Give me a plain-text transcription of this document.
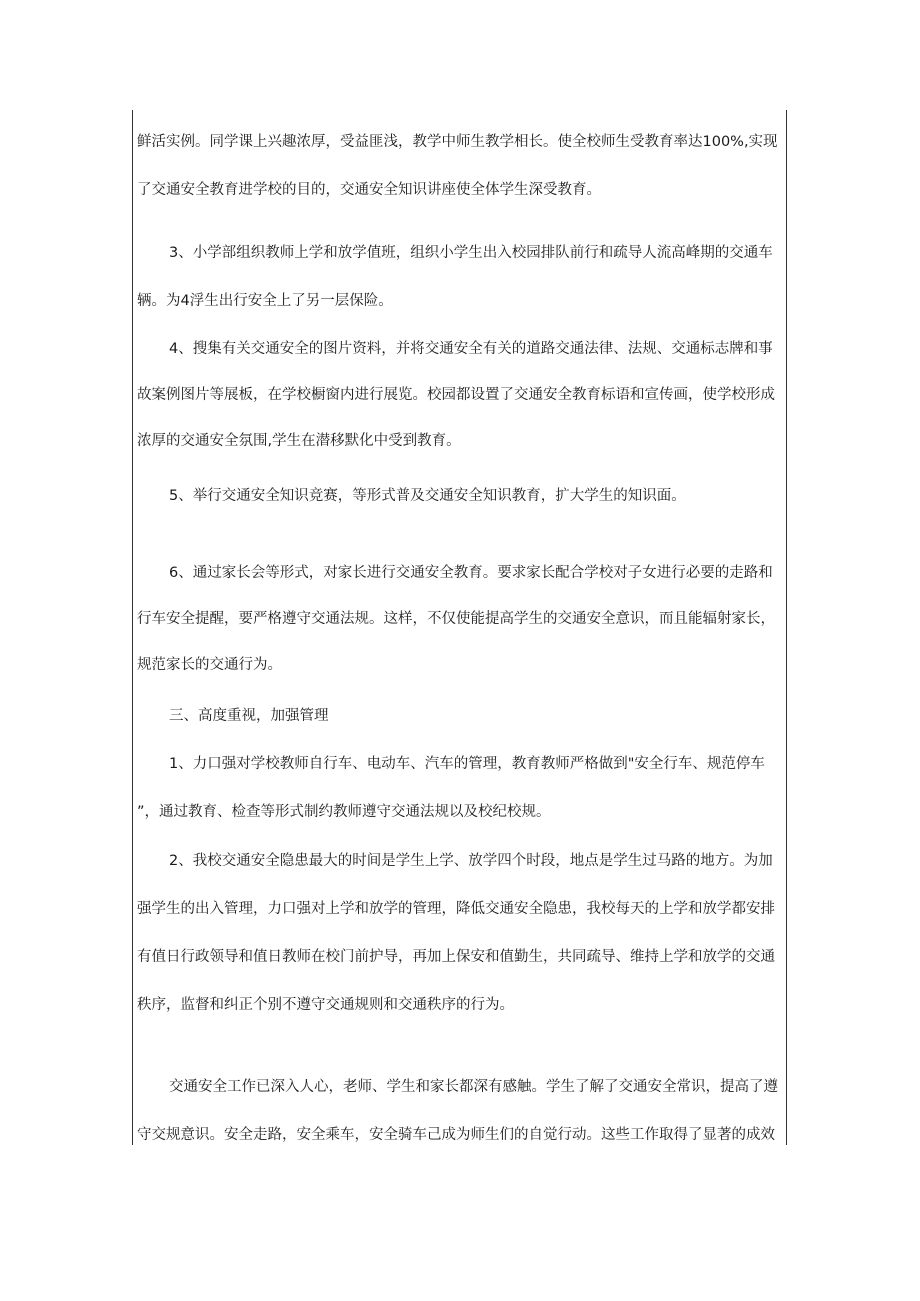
鲜活实例。同学课上兴趣浓厚，受益匪浅，教学中师生教学相长。使全校师生受教育率达100%,实现
了交通安全教育进学校的目的，交通安全知识讲座使全体学生深受教育。
3、小学部组织教师上学和放学值班，组织小学生出入校园排队前行和疏导人流高峰期的交通车
辆。为4浮生出行安全上了另一层保险。
4、搜集有关交通安全的图片资料，并将交通安全有关的道路交通法律、法规、交通标志牌和事
故案例图片等展板，在学校橱窗内进行展览。校园都设置了交通安全教育标语和宣传画，使学校形成
浓厚的交通安全氛围,学生在潜移默化中受到教育。
5、举行交通安全知识竞赛，等形式普及交通安全知识教育，扩大学生的知识面。
6、通过家长会等形式，对家长进行交通安全教育。要求家长配合学校对子女进行必要的走路和
行车安全提醒，要严格遵守交通法规。这样，不仅使能提高学生的交通安全意识，而且能辐射家长，
规范家长的交通行为。
三、高度重视，加强管理
1、力口强对学校教师自行车、电动车、汽车的管理，教育教师严格做到"安全行车、规范停车
”，通过教育、检查等形式制约教师遵守交通法规以及校纪校规。
2、我校交通安全隐患最大的时间是学生上学、放学四个时段，地点是学生过马路的地方。为加
强学生的出入管理，力口强对上学和放学的管理，降低交通安全隐患，我校每天的上学和放学都安排
有值日行政领导和值日教师在校门前护导，再加上保安和值勤生，共同疏导、维持上学和放学的交通
秩序，监督和纠正个别不遵守交通规则和交通秩序的行为。
交通安全工作已深入人心，老师、学生和家长都深有感触。学生了解了交通安全常识，提高了遵
守交规意识。安全走路，安全乘车，安全骑车己成为师生们的自觉行动。这些工作取得了显著的成效
